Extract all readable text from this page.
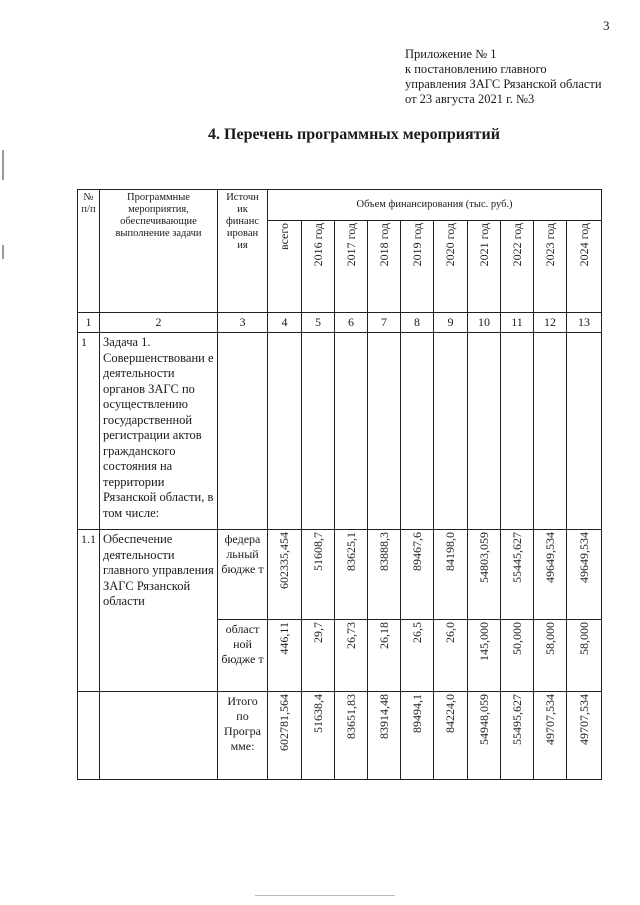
3
Приложение № 1
к постановлению главного
управления ЗАГС Рязанской области
от 23 августа 2021 г. №3
4. Перечень программных мероприятий
№ п/п	Программные мероприятия, обеспечивающие выполнение задачи	Источн ик финанс ирован ия	Объем финансирования (тыс. руб.)									
			всего	2016 год	2017 год	2018 год	2019 год	2020 год	2021 год	2022 год	2023 год	2024 год
1	2	3	4	5	6	7	8	9	10	11	12	13
1	Задача 1. Совершенствовани е деятельности органов ЗАГС по осуществлению государственной регистрации актов гражданского состояния на территории Рязанской области, в том числе:											
1.1	Обеспечение деятельности главного управления ЗАГС Рязанской области	федера льный бюдже т	602335,454	51608,7	83625,1	83888,3	89467,6	84198,0	54803,059	55445,627	49649,534	49649,534
		област ной бюдже т	446,11	29,7	26,73	26,18	26,5	26,0	145,000	50,000	58,000	58,000
		Итого по Програ мме:	602781,564	51638,4	83651,83	83914,48	89494,1	84224,0	54948,059	55495,627	49707,534	49707,534
